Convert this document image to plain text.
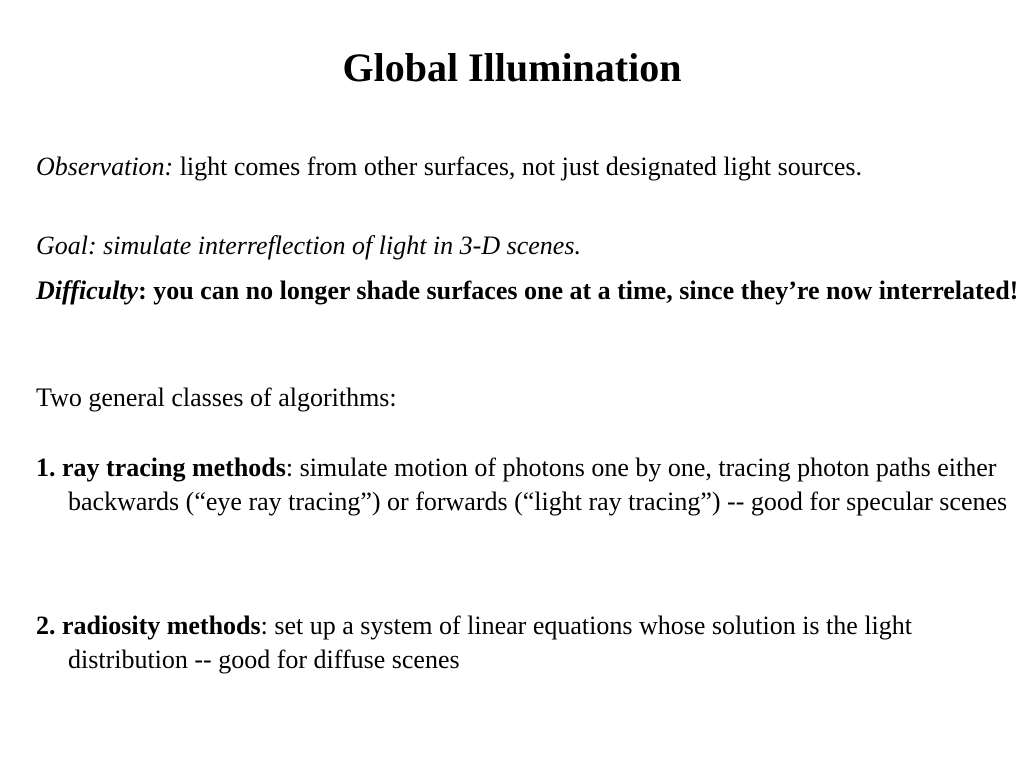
Global Illumination

Observation: light comes from other surfaces, not just designated light sources.

Goal: simulate interreflection of light in 3-D scenes.

Difficulty: you can no longer shade surfaces one at a time, since they’re now interrelated!

Two general classes of algorithms:

1. ray tracing methods: simulate motion of photons one by one, tracing photon paths either backwards (“eye ray tracing”) or forwards (“light ray tracing”) -- good for specular scenes

2. radiosity methods: set up a system of linear equations whose solution is the light distribution -- good for diffuse scenes
